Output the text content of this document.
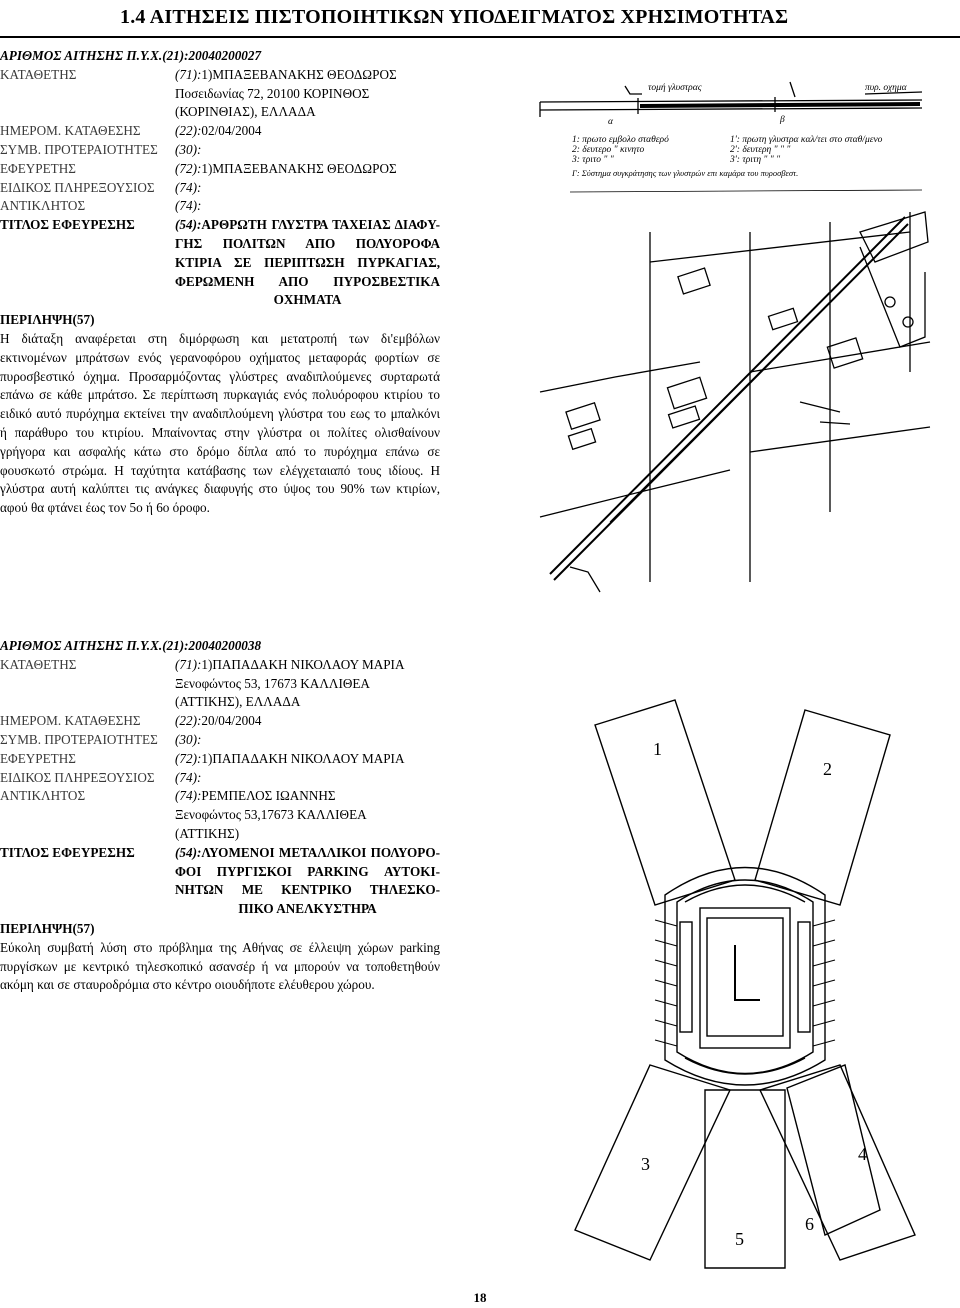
1.4 ΑΙΤΗΣΕΙΣ ΠΙΣΤΟΠΟΙΗΤΙΚΩΝ ΥΠΟΔΕΙΓΜΑΤΟΣ ΧΡΗΣΙΜΟΤΗΤΑΣ
ΑΡΙΘΜΟΣ ΑΙΤΗΣΗΣ Π.Υ.Χ.(21):20040200027
ΚΑΤΑΘΕΤΗΣ	(71):1)ΜΠΑΞΕΒΑΝΑΚΗΣ ΘΕΟΔΩΡΟΣ
Ποσειδωνίας 72, 20100 ΚΟΡΙΝΘΟΣ
(ΚΟΡΙΝΘΙΑΣ), ΕΛΛΑΔΑ
ΗΜΕΡΟΜ. ΚΑΤΑΘΕΣΗΣ	(22):02/04/2004
ΣΥΜΒ. ΠΡΟΤΕΡΑΙΟΤΗΤΕΣ	(30):
ΕΦΕΥΡΕΤΗΣ	(72):1)ΜΠΑΞΕΒΑΝΑΚΗΣ ΘΕΟΔΩΡΟΣ
ΕΙΔΙΚΟΣ ΠΛΗΡΕΞΟΥΣΙΟΣ	(74):
ΑΝΤΙΚΛΗΤΟΣ	(74):
ΤΙΤΛΟΣ ΕΦΕΥΡΕΣΗΣ	(54):ΑΡΘΡΩΤΗ ΓΛΥΣΤΡΑ ΤΑΧΕΙΑΣ ΔΙΑΦΥ-
ΓΗΣ ΠΟΛΙΤΩΝ ΑΠΟ ΠΟΛΥΟΡΟΦΑ
ΚΤΙΡΙΑ ΣΕ ΠΕΡΙΠΤΩΣΗ ΠΥΡΚΑΓΙΑΣ,
ΦΕΡΩΜΕΝΗ ΑΠΟ ΠΥΡΟΣΒΕΣΤΙΚΑ
ΟΧΗΜΑΤΑ
ΠΕΡΙΛΗΨΗ(57)
Η διάταξη αναφέρεται στη διμόρφωση και μετατροπή των δι'εμβόλων
εκτινομένων μπράτσων ενός γερανοφόρου οχήματος μεταφοράς φορτίων σε
πυροσβεστικό όχημα. Προσαρμόζοντας γλύστρες αναδιπλούμενες συρταρωτά
επάνω σε κάθε μπράτσο. Σε περίπτωση πυρκαγιάς ενός πολυόροφου κτιρίου το
ειδικό αυτό πυρόχημα εκτείνει την αναδιπλούμενη γλύστρα του εως το μπαλκόνι
ή παράθυρο του κτιρίου. Μπαίνοντας στην γλύστρα οι πολίτες ολισθαίνουν
γρήγορα και ασφαλής κάτω στο δρόμο δίπλα από το πυρόχημα επάνω σε
φουσκωτό στρώμα. Η ταχύτητα κατάβασης των ελέγχεταιαπό τους ιδίους. Η
γλύστρα αυτή καλύπτει τις ανάγκες διαφυγής στο ύψος του 90% των κτιρίων,
αφού θα φτάνει έως τον 5ο ή 6ο όροφο.
τομή γλυστρας	πυρ. οχημα
1: πρωτο εμβολο σταθερό
2: δευτερο " κινητο
3: τριτο " "
1': πρωτη γλυστρα καλ/τει στο σταθ/μενο
2': δευτερη " " "
3': τριτη " " "
Γ: Σύστημα συγκράτησης των γλυστρών επι καμάρα του πυροσβεστ.
α	β
ΑΡΙΘΜΟΣ ΑΙΤΗΣΗΣ Π.Υ.Χ.(21):20040200038
ΚΑΤΑΘΕΤΗΣ	(71):1)ΠΑΠΑΔΑΚΗ ΝΙΚΟΛΑΟΥ ΜΑΡΙΑ
Ξενοφώντος 53, 17673 ΚΑΛΛΙΘΕΑ
(ΑΤΤΙΚΗΣ), ΕΛΛΑΔΑ
ΗΜΕΡΟΜ. ΚΑΤΑΘΕΣΗΣ	(22):20/04/2004
ΣΥΜΒ. ΠΡΟΤΕΡΑΙΟΤΗΤΕΣ	(30):
ΕΦΕΥΡΕΤΗΣ	(72):1)ΠΑΠΑΔΑΚΗ ΝΙΚΟΛΑΟΥ ΜΑΡΙΑ
ΕΙΔΙΚΟΣ ΠΛΗΡΕΞΟΥΣΙΟΣ	(74):
ΑΝΤΙΚΛΗΤΟΣ	(74):ΡΕΜΠΕΛΟΣ ΙΩΑΝΝΗΣ
Ξενοφώντος 53,17673 ΚΑΛΛΙΘΕΑ
(ΑΤΤΙΚΗΣ)
ΤΙΤΛΟΣ ΕΦΕΥΡΕΣΗΣ	(54):ΛΥΟΜΕΝΟΙ ΜΕΤΑΛΛΙΚΟΙ ΠΟΛΥΟΡΟ-
ΦΟΙ ΠΥΡΓΙΣΚΟΙ PARKING ΑΥΤΟΚΙ-
ΝΗΤΩΝ ΜΕ ΚΕΝΤΡΙΚΟ ΤΗΛΕΣΚΟ-
ΠΙΚΟ ΑΝΕΛΚΥΣΤΗΡΑ
ΠΕΡΙΛΗΨΗ(57)
Εύκολη συμβατή λύση στο πρόβλημα της Αθήνας σε έλλειψη χώρων parking
πυργίσκων με κεντρικό τηλεσκοπικό ασανσέρ ή να μπορούν να τοποθετηθούν
ακόμη και σε σταυροδρόμια στο κέντρο οιουδήποτε ελέυθερου χώρου.
1
2
3	4
5
6
18
